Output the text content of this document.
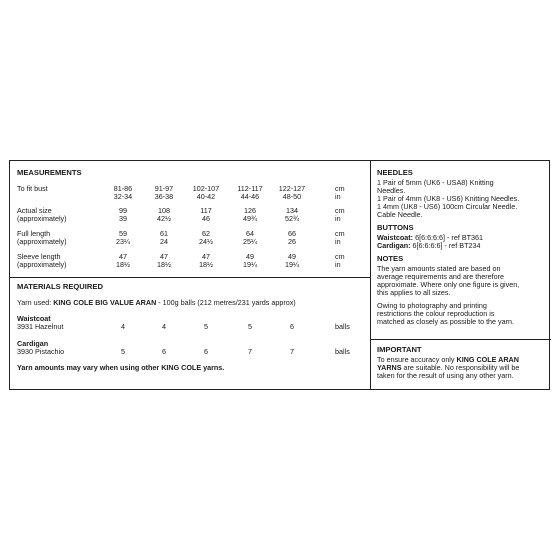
MEASUREMENTS
To fit bust	81-86	91-97	102-107	112-117	122-127	cm
32-34	36-38	40-42	44-46	48-50	in
Actual size
(approximately)
99	108	117	126	134	cm
39	42½	46	49¾	52¾	in
Full length
(approximately)
59	61	62	64	66	cm
23¼	24	24½	25¼	26	in
Sleeve length
(approximately)
47	47	47	49	49	cm
18½	18½	18½	19¼	19¼	in
MATERIALS REQUIRED
Yarn used: KING COLE BIG VALUE ARAN - 100g balls (212 metres/231 yards approx)
Waistcoat
3931 Hazelnut	4	4	5	5	6	balls
Cardigan
3930 Pistachio	5	6	6	7	7	balls
Yarn amounts may vary when using other KING COLE yarns.
NEEDLES
1 Pair of 5mm (UK6 - USA8) Knitting
Needles.
1 Pair of 4mm (UK8 - US6) Knitting Needles.
1 4mm (UK8 - US6) 100cm Circular Needle.
Cable Needle.
BUTTONS
Waistcoat: 6[6:6:6:6] - ref BT361
Cardigan: 6[6:6:6:6] - ref BT234
NOTES
The yarn amounts stated are based on
average requirements and are therefore
approximate. Where only one figure is given,
this applies to all sizes.
Owing to photography and printing
restrictions the colour reproduction is
matched as closely as possible to the yarn.
IMPORTANT
To ensure accuracy only KING COLE ARAN
YARNS are suitable. No responsibility will be
taken for the result of using any other yarn.
